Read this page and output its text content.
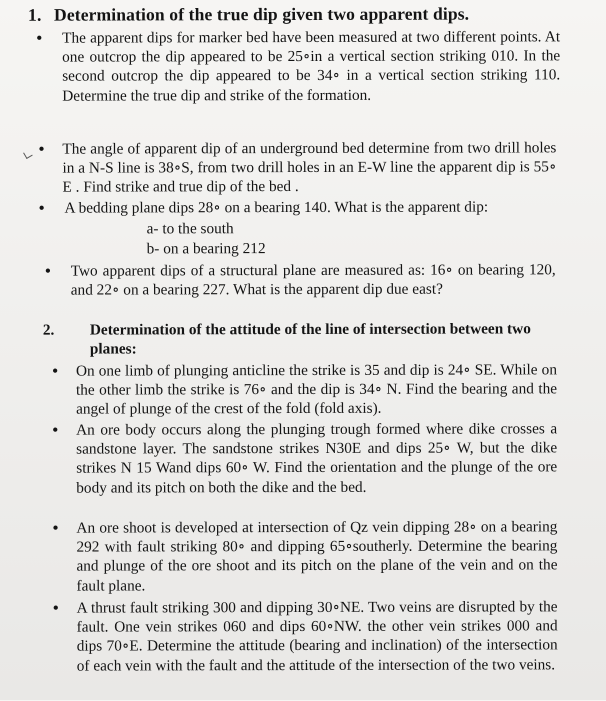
1. Determination of the true dip given two apparent dips.
• The apparent dips for marker bed have been measured at two different points. At one outcrop the dip appeared to be 25∘in a vertical section striking 010. In the second outcrop the dip appeared to be 34∘ in a vertical section striking 110. Determine the true dip and strike of the formation.
• The angle of apparent dip of an underground bed determine from two drill holes in a N-S line is 38∘S, from two drill holes in an E-W line the apparent dip is 55∘ E . Find strike and true dip of the bed .
• A bedding plane dips 28∘ on a bearing 140. What is the apparent dip:
a- to the south
b- on a bearing 212
• Two apparent dips of a structural plane are measured as: 16∘ on bearing 120, and 22∘ on a bearing 227. What is the apparent dip due east?
2. Determination of the attitude of the line of intersection between two planes:
• On one limb of plunging anticline the strike is 35 and dip is 24∘ SE. While on the other limb the strike is 76∘ and the dip is 34∘ N. Find the bearing and the angel of plunge of the crest of the fold (fold axis).
• An ore body occurs along the plunging trough formed where dike crosses a sandstone layer. The sandstone strikes N30E and dips 25∘ W, but the dike strikes N 15 Wand dips 60∘ W. Find the orientation and the plunge of the ore body and its pitch on both the dike and the bed.
• An ore shoot is developed at intersection of Qz vein dipping 28∘ on a bearing 292 with fault striking 80∘ and dipping 65∘southerly. Determine the bearing and plunge of the ore shoot and its pitch on the plane of the vein and on the fault plane.
• A thrust fault striking 300 and dipping 30∘NE. Two veins are disrupted by the fault. One vein strikes 060 and dips 60∘NW. the other vein strikes 000 and dips 70∘E. Determine the attitude (bearing and inclination) of the intersection of each vein with the fault and the attitude of the intersection of the two veins.
